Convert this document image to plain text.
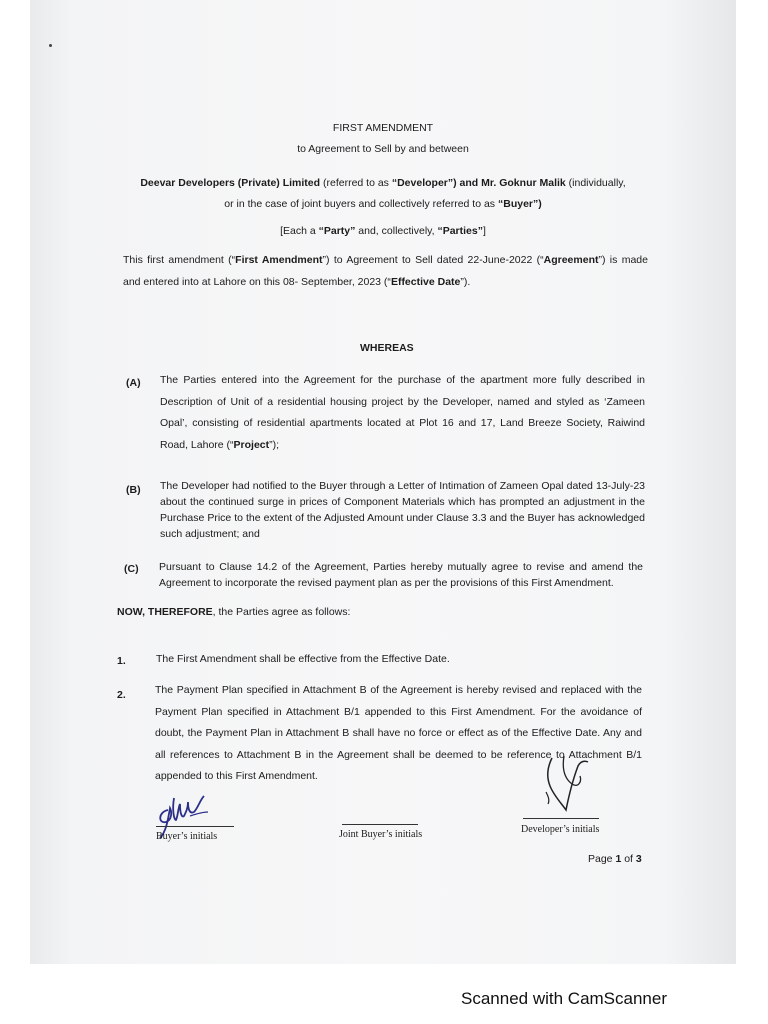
FIRST AMENDMENT
to Agreement to Sell by and between
Deevar Developers (Private) Limited (referred to as “Developer”) and Mr. Goknur Malik (individually,
or in the case of joint buyers and collectively referred to as “Buyer”)
[Each a “Party” and, collectively, “Parties”]
This first amendment (“First Amendment”) to Agreement to Sell dated 22-June-2022 (“Agreement”) is made and entered into at Lahore on this 08- September, 2023 (“Effective Date”).
WHEREAS
(A) The Parties entered into the Agreement for the purchase of the apartment more fully described in Description of Unit of a residential housing project by the Developer, named and styled as ‘Zameen Opal’, consisting of residential apartments located at Plot 16 and 17, Land Breeze Society, Raiwind Road, Lahore (“Project”);
(B) The Developer had notified to the Buyer through a Letter of Intimation of Zameen Opal dated 13-July-23 about the continued surge in prices of Component Materials which has prompted an adjustment in the Purchase Price to the extent of the Adjusted Amount under Clause 3.3 and the Buyer has acknowledged such adjustment; and
(C) Pursuant to Clause 14.2 of the Agreement, Parties hereby mutually agree to revise and amend the Agreement to incorporate the revised payment plan as per the provisions of this First Amendment.
NOW, THEREFORE, the Parties agree as follows:
1.	The First Amendment shall be effective from the Effective Date.
2.	The Payment Plan specified in Attachment B of the Agreement is hereby revised and replaced with the Payment Plan specified in Attachment B/1 appended to this First Amendment. For the avoidance of doubt, the Payment Plan in Attachment B shall have no force or effect as of the Effective Date. Any and all references to Attachment B in the Agreement shall be deemed to be reference to Attachment B/1 appended to this First Amendment.
Buyer’s initials	Joint Buyer’s initials	Developer’s initials
Page 1 of 3
Scanned with CamScanner
